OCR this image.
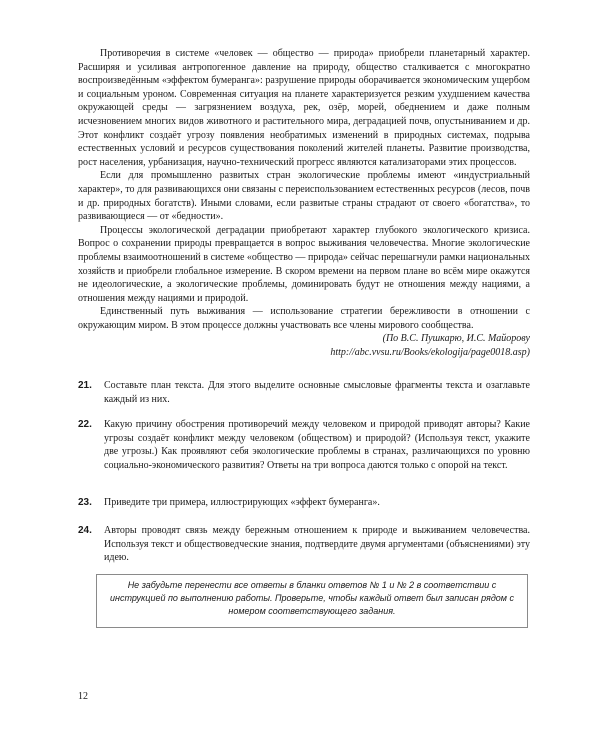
Противоречия в системе «человек — общество — природа» приобрели планетарный характер. Расширяя и усиливая антропогенное давление на природу, общество сталкивается с многократно воспроизведённым «эффектом бумеранга»: разрушение природы оборачивается экономическим ущербом и социальным уроном. Современная ситуация на планете характеризуется резким ухудшением качества окружающей среды — загрязнением воздуха, рек, озёр, морей, обеднением и даже полным исчезновением многих видов животного и растительного мира, деградацией почв, опустыниванием и др. Этот конфликт создаёт угрозу появления необратимых изменений в природных системах, подрыва естественных условий и ресурсов существования поколений жителей планеты. Развитие производства, рост населения, урбанизация, научно-технический прогресс являются катализаторами этих процессов.

Если для промышленно развитых стран экологические проблемы имеют «индустриальный характер», то для развивающихся они связаны с переиспользованием естественных ресурсов (лесов, почв и др. природных богатств). Иными словами, если развитые страны страдают от своего «богатства», то развивающиеся — от «бедности».

Процессы экологической деградации приобретают характер глубокого экологического кризиса. Вопрос о сохранении природы превращается в вопрос выживания человечества. Многие экологические проблемы взаимоотношений в системе «общество — природа» сейчас перешагнули рамки национальных хозяйств и приобрели глобальное измерение. В скором времени на первом плане во всём мире окажутся не идеологические, а экологические проблемы, доминировать будут не отношения между нациями, а отношения между нациями и природой.

Единственный путь выживания — использование стратегии бережливости в отношении с окружающим миром. В этом процессе должны участвовать все члены мирового сообщества.

(По В.С. Пушкарю, И.С. Майорову
http://abc.vvsu.ru/Books/ekologija/page0018.asp)
21. Составьте план текста. Для этого выделите основные смысловые фрагменты текста и озаглавьте каждый из них.
22. Какую причину обострения противоречий между человеком и природой приводят авторы? Какие угрозы создаёт конфликт между человеком (обществом) и природой? (Используя текст, укажите две угрозы.) Как проявляют себя экологические проблемы в странах, различающихся по уровню социально-экономического развития? Ответы на три вопроса даются только с опорой на текст.
23. Приведите три примера, иллюстрирующих «эффект бумеранга».
24. Авторы проводят связь между бережным отношением к природе и выживанием человечества. Используя текст и обществоведческие знания, подтвердите двумя аргументами (объяснениями) эту идею.
Не забудьте перенести все ответы в бланки ответов № 1 и № 2 в соответствии с инструкцией по выполнению работы. Проверьте, чтобы каждый ответ был записан рядом с номером соответствующего задания.
12
